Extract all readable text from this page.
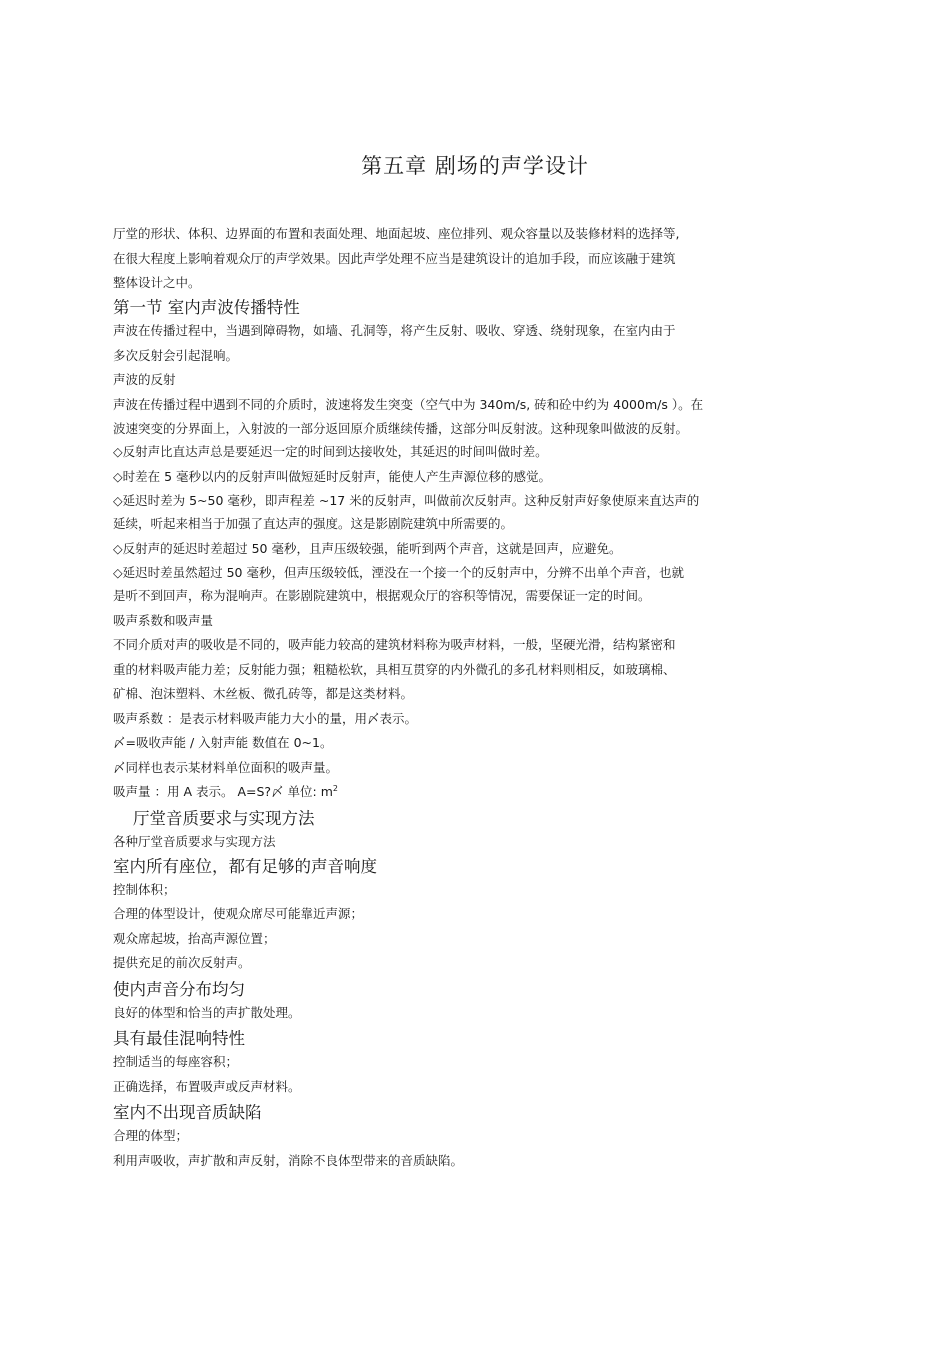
第五章 剧场的声学设计
厅堂的形状、体积、边界面的布置和表面处理、地面起坡、座位排列、观众容量以及装修材料的选择等,
在很大程度上影响着观众厅的声学效果。因此声学处理不应当是建筑设计的追加手段，而应该融于建筑
整体设计之中。
第一节 室内声波传播特性
声波在传播过程中，当遇到障碍物，如墙、孔洞等，将产生反射、吸收、穿透、绕射现象，在室内由于
多次反射会引起混响。
声波的反射
声波在传播过程中遇到不同的介质时，波速将发生突变（空气中为 340m/s, 砖和砼中约为 4000m/s ）。在
波速突变的分界面上，入射波的一部分返回原介质继续传播，这部分叫反射波。这种现象叫做波的反射。
◇反射声比直达声总是要延迟一定的时间到达接收处，其延迟的时间叫做时差。
◇时差在 5 毫秒以内的反射声叫做短延时反射声，能使人产生声源位移的感觉。
◇延迟时差为 5~50 毫秒，即声程差 ~17 米的反射声，叫做前次反射声。这种反射声好象使原来直达声的
延续，听起来相当于加强了直达声的强度。这是影剧院建筑中所需要的。
◇反射声的延迟时差超过 50 毫秒，且声压级较强，能听到两个声音，这就是回声，应避免。
◇延迟时差虽然超过 50 毫秒，但声压级较低，湮没在一个接一个的反射声中，分辨不出单个声音，也就
是听不到回声，称为混响声。在影剧院建筑中，根据观众厅的容积等情况，需要保证一定的时间。
吸声系数和吸声量
不同介质对声的吸收是不同的，吸声能力较高的建筑材料称为吸声材料，一般，坚硬光滑，结构紧密和
重的材料吸声能力差；反射能力强；粗糙松软，具相互贯穿的内外微孔的多孔材料则相反，如玻璃棉、
矿棉、泡沫塑料、木丝板、微孔砖等，都是这类材料。
吸声系数 ：是表示材料吸声能力大小的量，用〆表示。
〆=吸收声能 / 入射声能 数值在 0~1。
〆同样也表示某材料单位面积的吸声量。
吸声量 ：用 A 表示。 A=S?〆 单位: $m^2$
厅堂音质要求与实现方法
各种厅堂音质要求与实现方法
室内所有座位，都有足够的声音响度
控制体积；
合理的体型设计，使观众席尽可能靠近声源；
观众席起坡，抬高声源位置；
提供充足的前次反射声。
使内声音分布均匀
良好的体型和恰当的声扩散处理。
具有最佳混响特性
控制适当的每座容积；
正确选择，布置吸声或反声材料。
室内不出现音质缺陷
合理的体型；
利用声吸收，声扩散和声反射，消除不良体型带来的音质缺陷。
